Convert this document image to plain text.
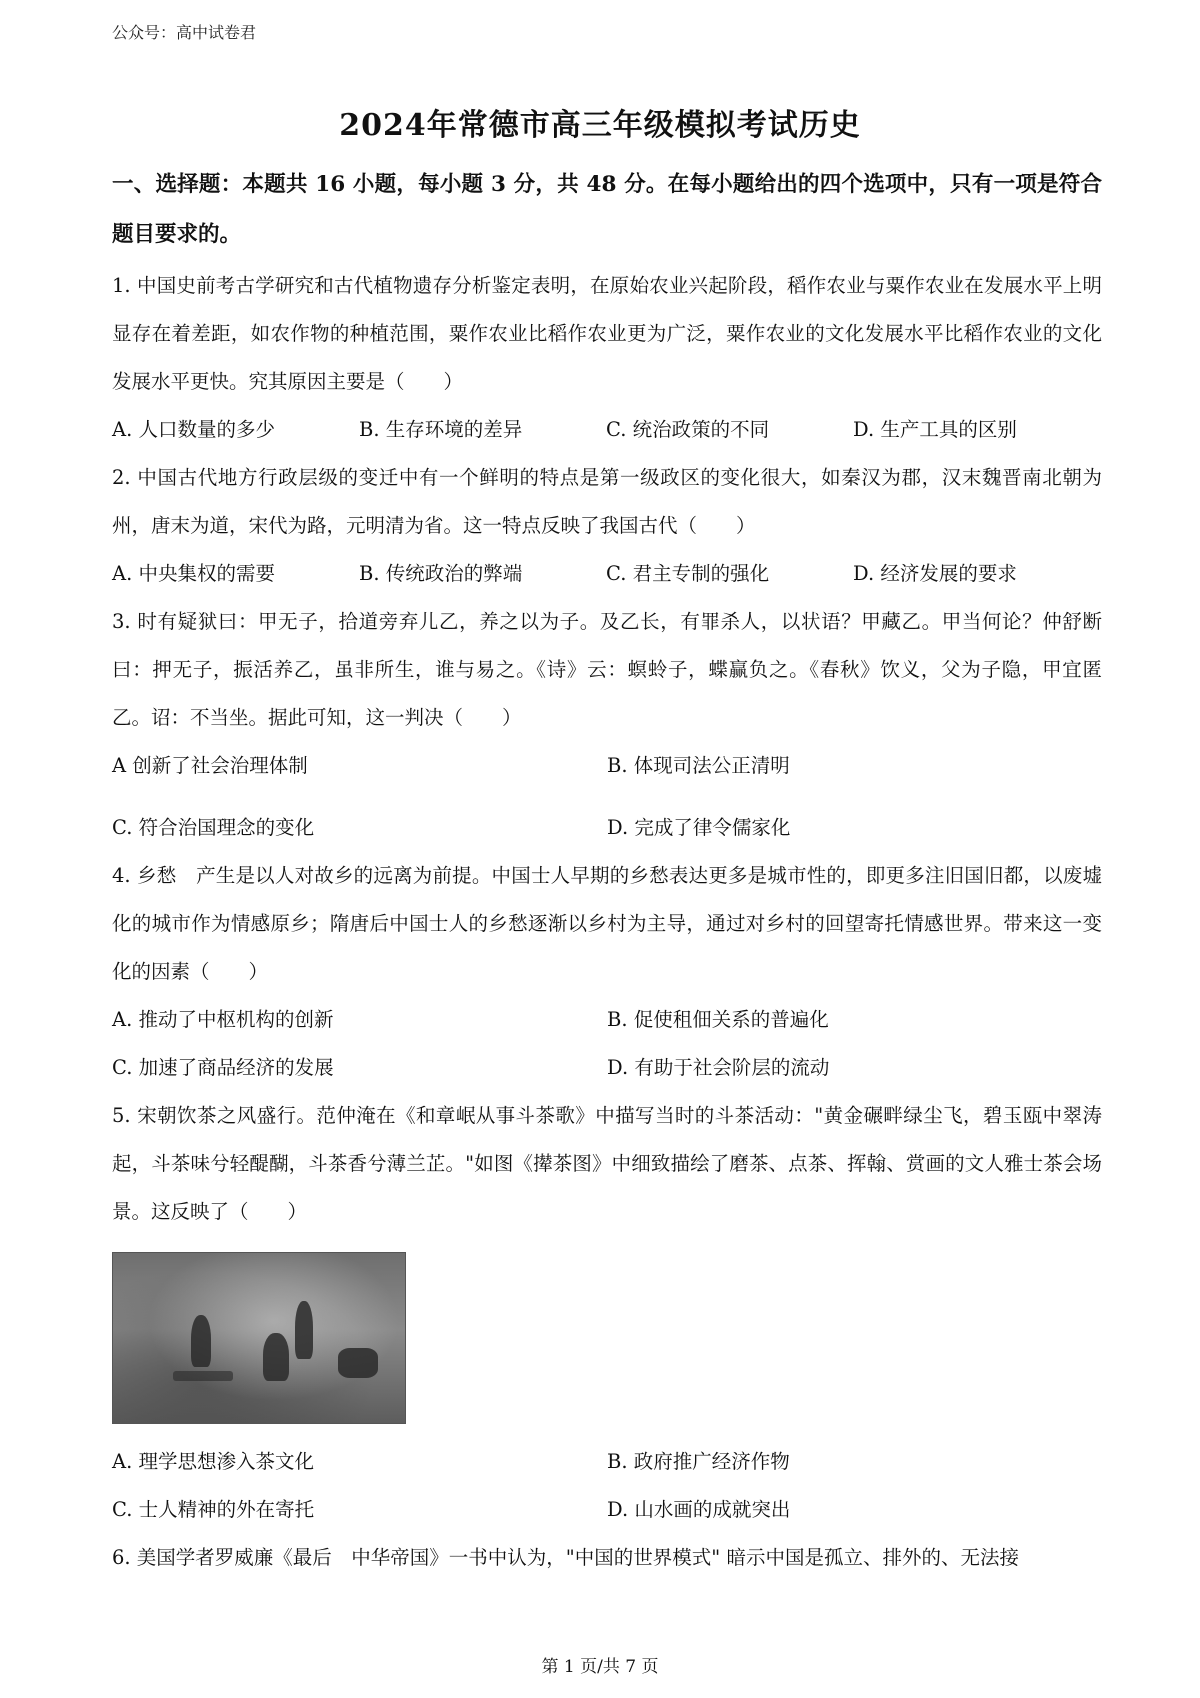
公众号：高中试卷君
2024年常德市高三年级模拟考试历史
一、选择题：本题共 16 小题，每小题 3 分，共 48 分。在每小题给出的四个选项中，只有一项是符合题目要求的。
1. 中国史前考古学研究和古代植物遗存分析鉴定表明，在原始农业兴起阶段，稻作农业与粟作农业在发展水平上明显存在着差距，如农作物的种植范围，粟作农业比稻作农业更为广泛，粟作农业的文化发展水平比稻作农业的文化发展水平更快。究其原因主要是（　　）
A. 人口数量的多少	B. 生存环境的差异	C. 统治政策的不同	D. 生产工具的区别
2. 中国古代地方行政层级的变迁中有一个鲜明的特点是第一级政区的变化很大，如秦汉为郡，汉末魏晋南北朝为州，唐末为道，宋代为路，元明清为省。这一特点反映了我国古代（　　）
A. 中央集权的需要	B. 传统政治的弊端	C. 君主专制的强化	D. 经济发展的要求
3. 时有疑狱曰：甲无子，拾道旁弃儿乙，养之以为子。及乙长，有罪杀人，以状语？甲藏乙。甲当何论？仲舒断曰：押无子，振活养乙，虽非所生，谁与易之。《诗》云：螟蛉子，蝶赢负之。《春秋》饮义，父为子隐，甲宜匿乙。诏：不当坐。据此可知，这一判决（　　）
A 创新了社会治理体制	B. 体现司法公正清明
C. 符合治国理念的变化	D. 完成了律令儒家化
4. 乡愁　产生是以人对故乡的远离为前提。中国士人早期的乡愁表达更多是城市性的，即更多注旧国旧都，以废墟化的城市作为情感原乡；隋唐后中国士人的乡愁逐渐以乡村为主导，通过对乡村的回望寄托情感世界。带来这一变化的因素（　　）
A. 推动了中枢机构的创新	B. 促使租佃关系的普遍化
C. 加速了商品经济的发展	D. 有助于社会阶层的流动
5. 宋朝饮茶之风盛行。范仲淹在《和章岷从事斗茶歌》中描写当时的斗茶活动："黄金碾畔绿尘飞，碧玉瓯中翠涛起，斗茶味兮轻醍醐，斗茶香兮薄兰芷。"如图《撵茶图》中细致描绘了磨茶、点茶、挥翰、赏画的文人雅士茶会场景。这反映了（　　）
A. 理学思想渗入茶文化	B. 政府推广经济作物
C. 士人精神的外在寄托	D. 山水画的成就突出
6. 美国学者罗威廉《最后　中华帝国》一书中认为，"中国的世界模式" 暗示中国是孤立、排外的、无法接
第 1 页/共 7 页
